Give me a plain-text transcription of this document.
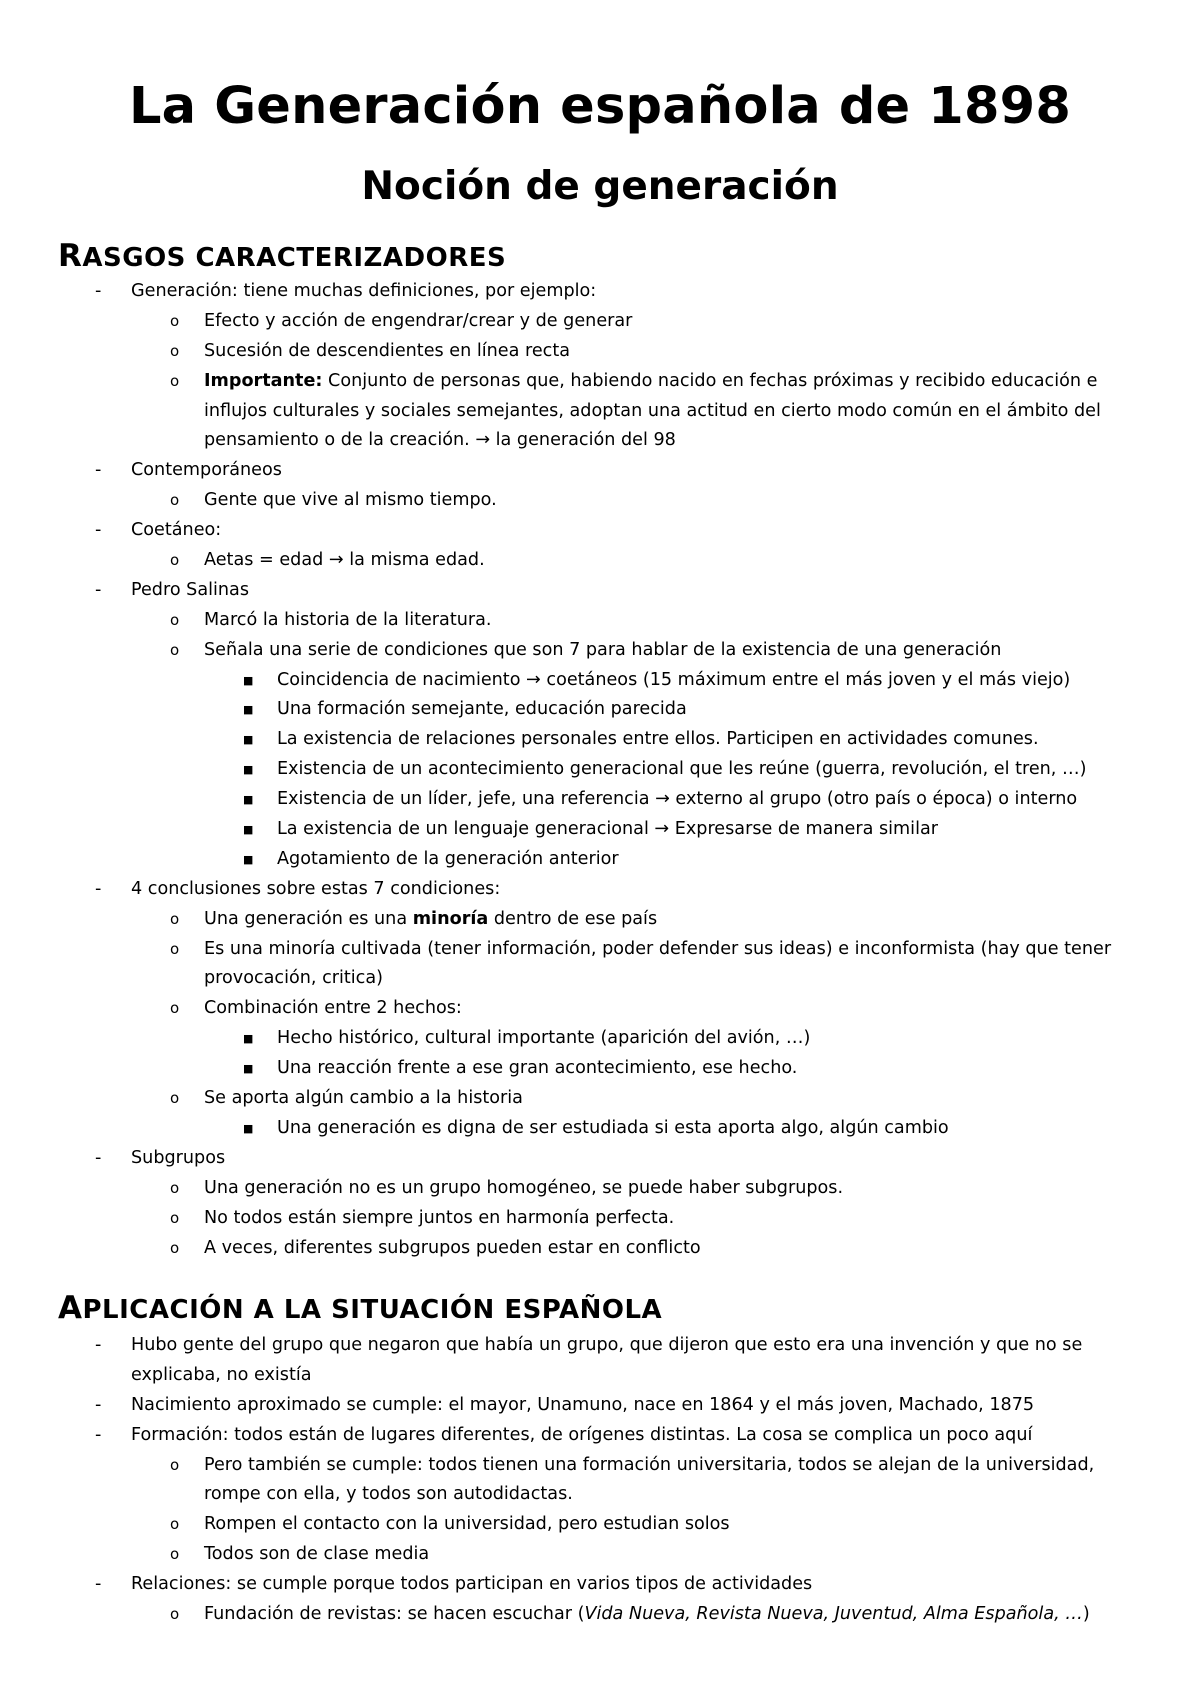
La Generación española de 1898
Noción de generación
RASGOS CARACTERIZADORES
- Generación: tiene muchas definiciones, por ejemplo:
o Efecto y acción de engendrar/crear y de generar
o Sucesión de descendientes en línea recta
o Importante: Conjunto de personas que, habiendo nacido en fechas próximas y recibido educación e
influjos culturales y sociales semejantes, adoptan una actitud en cierto modo común en el ámbito del
pensamiento o de la creación. → la generación del 98
- Contemporáneos
o Gente que vive al mismo tiempo.
- Coetáneo:
o Aetas = edad → la misma edad.
- Pedro Salinas
o Marcó la historia de la literatura.
o Señala una serie de condiciones que son 7 para hablar de la existencia de una generación
■ Coincidencia de nacimiento → coetáneos (15 máximum entre el más joven y el más viejo)
■ Una formación semejante, educación parecida
■ La existencia de relaciones personales entre ellos. Participen en actividades comunes.
■ Existencia de un acontecimiento generacional que les reúne (guerra, revolución, el tren, …)
■ Existencia de un líder, jefe, una referencia → externo al grupo (otro país o época) o interno
■ La existencia de un lenguaje generacional → Expresarse de manera similar
■ Agotamiento de la generación anterior
- 4 conclusiones sobre estas 7 condiciones:
o Una generación es una minoría dentro de ese país
o Es una minoría cultivada (tener información, poder defender sus ideas) e inconformista (hay que tener
provocación, critica)
o Combinación entre 2 hechos:
■ Hecho histórico, cultural importante (aparición del avión, …)
■ Una reacción frente a ese gran acontecimiento, ese hecho.
o Se aporta algún cambio a la historia
■ Una generación es digna de ser estudiada si esta aporta algo, algún cambio
- Subgrupos
o Una generación no es un grupo homogéneo, se puede haber subgrupos.
o No todos están siempre juntos en harmonía perfecta.
o A veces, diferentes subgrupos pueden estar en conflicto
APLICACIÓN A LA SITUACIÓN ESPAÑOLA
- Hubo gente del grupo que negaron que había un grupo, que dijeron que esto era una invención y que no se
explicaba, no existía
- Nacimiento aproximado se cumple: el mayor, Unamuno, nace en 1864 y el más joven, Machado, 1875
- Formación: todos están de lugares diferentes, de orígenes distintas. La cosa se complica un poco aquí
o Pero también se cumple: todos tienen una formación universitaria, todos se alejan de la universidad,
rompe con ella, y todos son autodidactas.
o Rompen el contacto con la universidad, pero estudian solos
o Todos son de clase media
- Relaciones: se cumple porque todos participan en varios tipos de actividades
o Fundación de revistas: se hacen escuchar (Vida Nueva, Revista Nueva, Juventud, Alma Española, …)
